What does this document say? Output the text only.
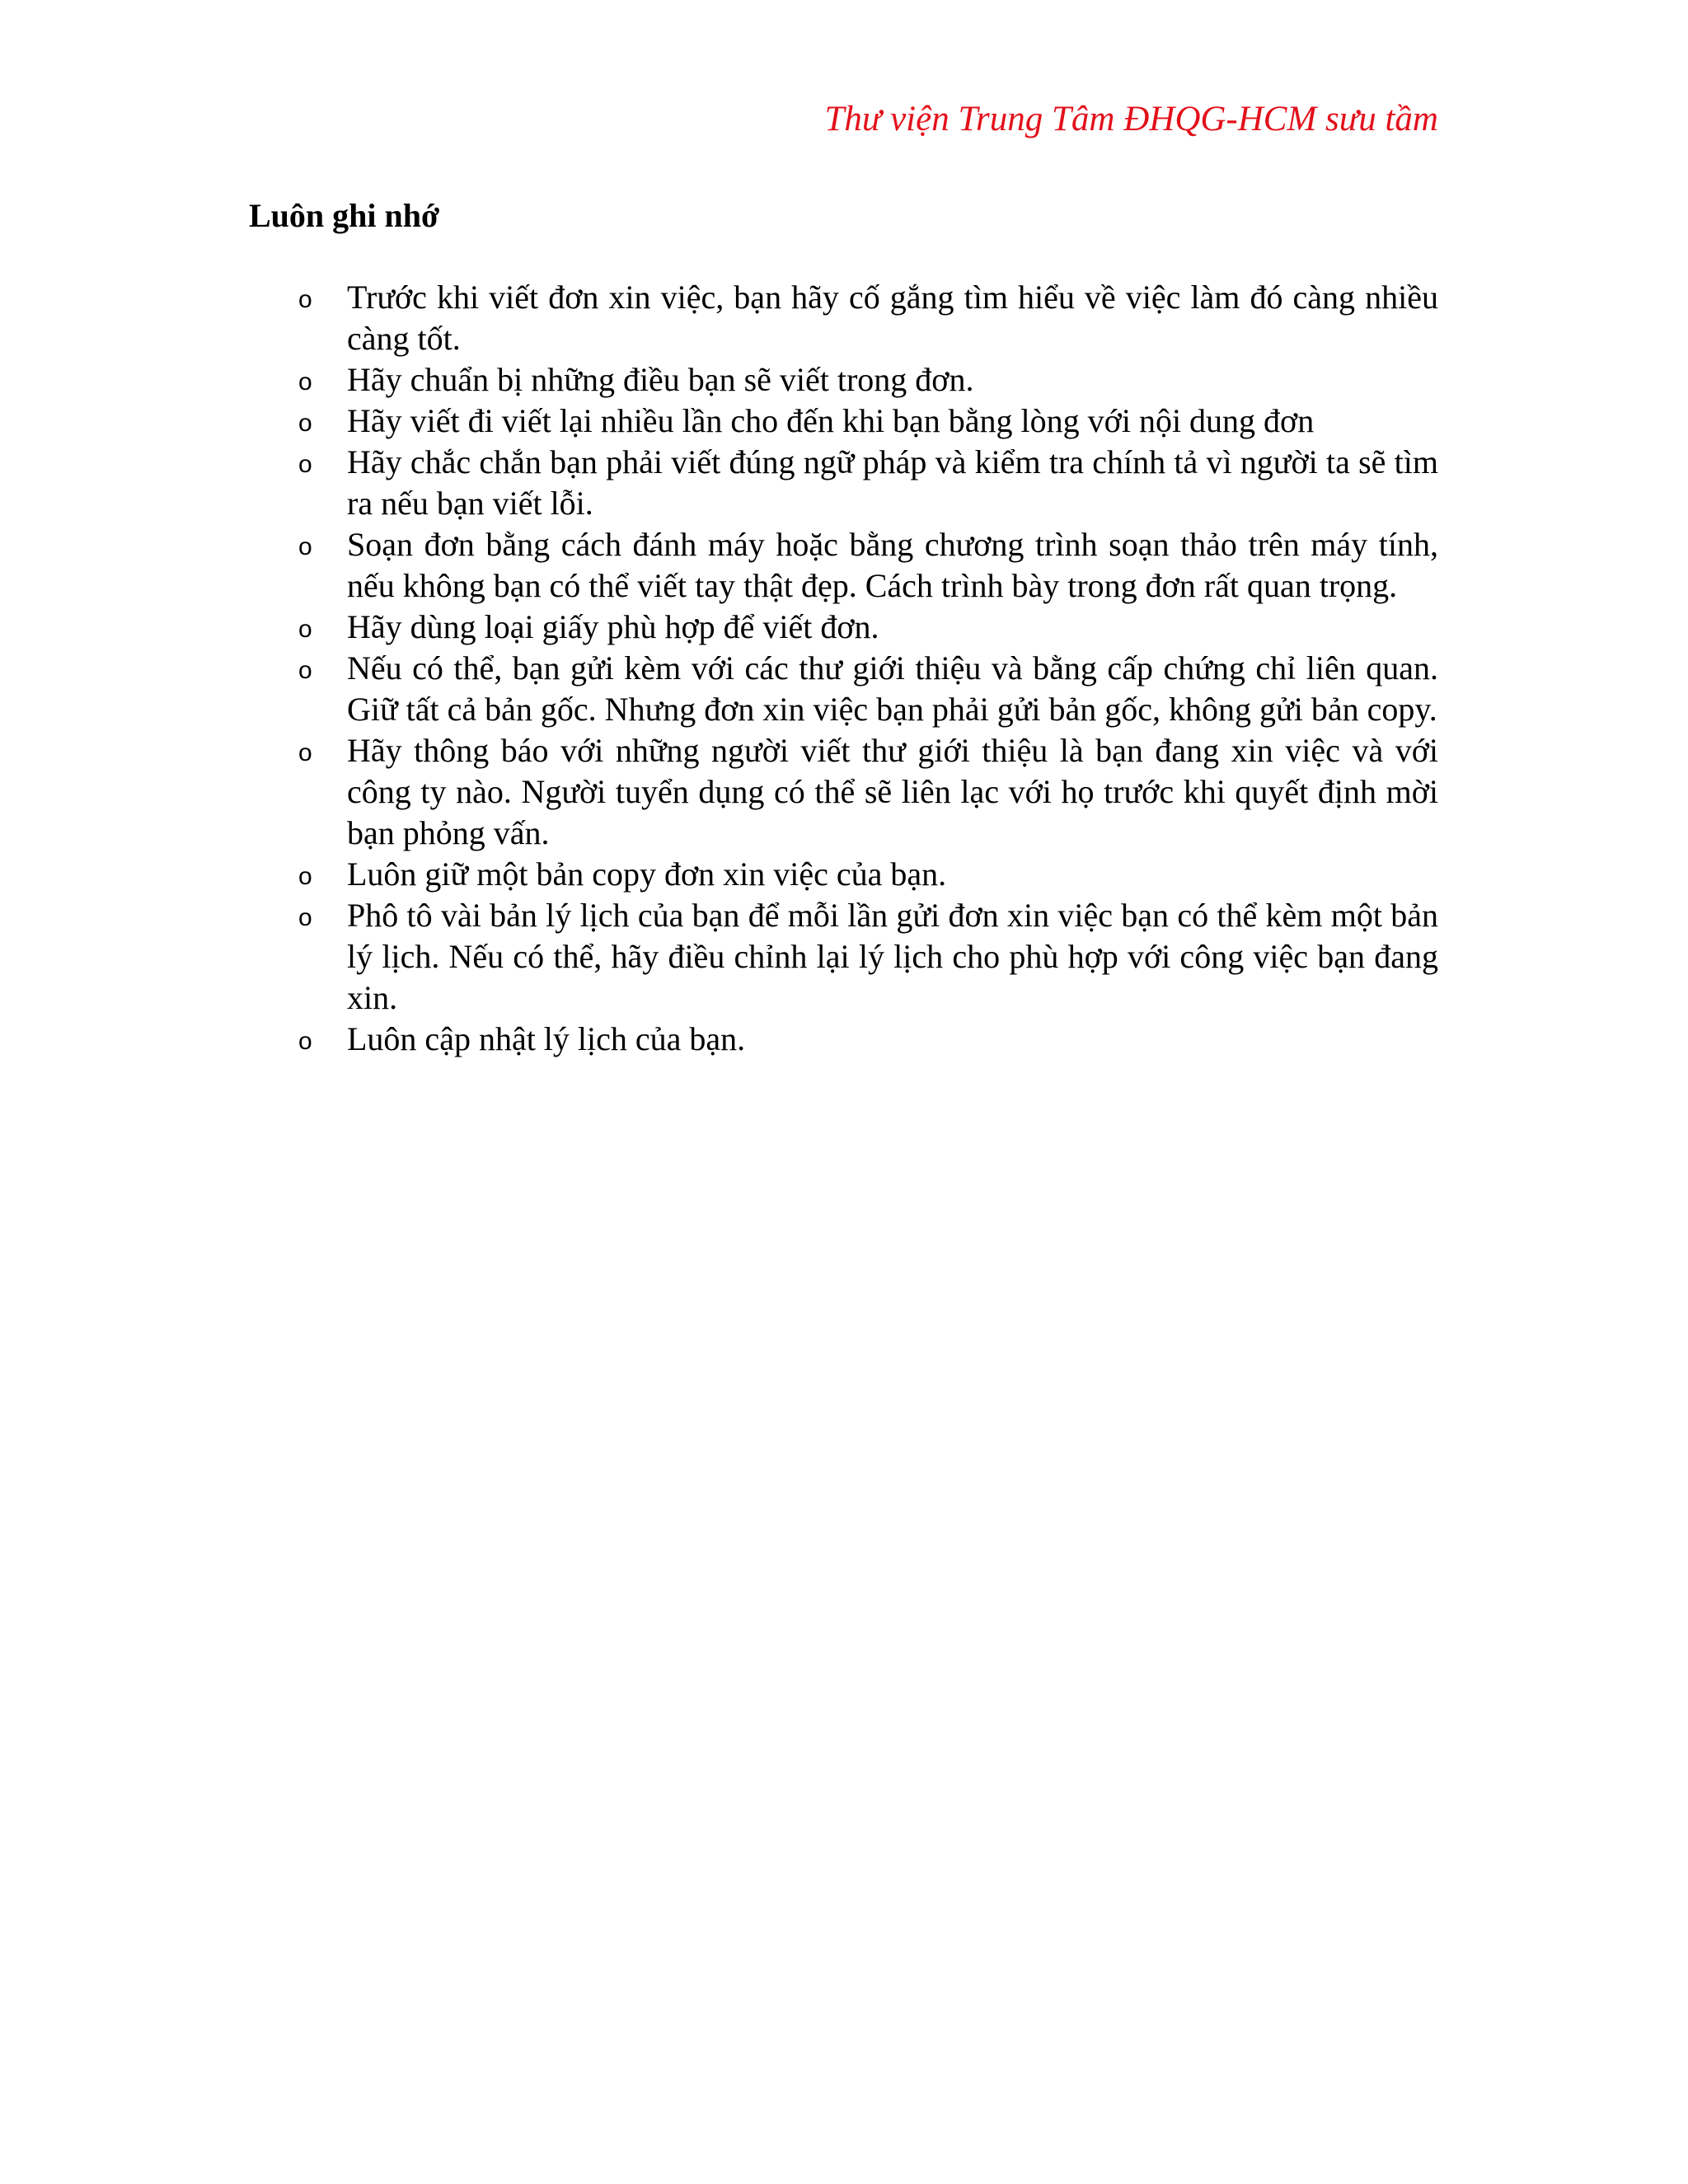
Thư viện Trung Tâm ĐHQG-HCM sưu tầm
Luôn ghi nhớ
o Trước khi viết đơn xin việc, bạn hãy cố gắng tìm hiểu về việc làm đó càng nhiều càng tốt.
o Hãy chuẩn bị những điều bạn sẽ viết trong đơn.
o Hãy viết đi viết lại nhiều lần cho đến khi bạn bằng lòng với nội dung đơn
o Hãy chắc chắn bạn phải viết đúng ngữ pháp và kiểm tra chính tả vì người ta sẽ tìm ra nếu bạn viết lỗi.
o Soạn đơn bằng cách đánh máy hoặc bằng chương trình soạn thảo trên máy tính, nếu không bạn có thể viết tay thật đẹp. Cách trình bày trong đơn rất quan trọng.
o Hãy dùng loại giấy phù hợp để viết đơn.
o Nếu có thể, bạn gửi kèm với các thư giới thiệu và bằng cấp chứng chỉ liên quan. Giữ tất cả bản gốc. Nhưng đơn xin việc bạn phải gửi bản gốc, không gửi bản copy.
o Hãy thông báo với những người viết thư giới thiệu là bạn đang xin việc và với công ty nào. Người tuyển dụng có thể sẽ liên lạc với họ trước khi quyết định mời bạn phỏng vấn.
o Luôn giữ một bản copy đơn xin việc của bạn.
o Phô tô vài bản lý lịch của bạn để mỗi lần gửi đơn xin việc bạn có thể kèm một bản lý lịch. Nếu có thể, hãy điều chỉnh lại lý lịch cho phù hợp với công việc bạn đang xin.
o Luôn cập nhật lý lịch của bạn.
